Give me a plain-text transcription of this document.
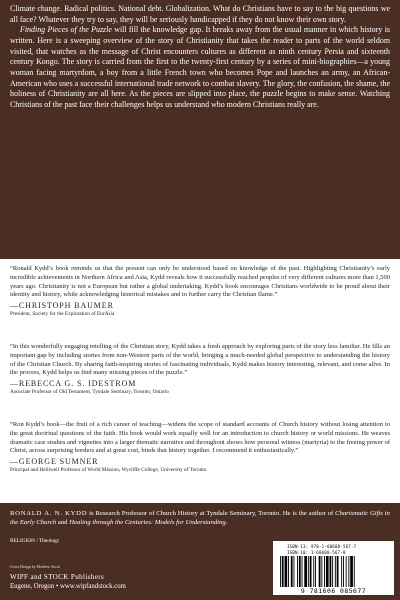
Climate change. Radical politics. National debt. Globalization. What do Christians have to say to the big questions we all face? Whatever they try to say, they will be seriously handicapped if they do not know their own story.

Finding Pieces of the Puzzle will fill the knowledge gap. It breaks away from the usual manner in which history is written. Here is a sweeping overview of the story of Christianity that takes the reader to parts of the world seldom visited, that watches as the message of Christ encounters cultures as different as ninth century Persia and sixteenth century Kongo. The story is carried from the first to the twenty-first century by a series of mini-biographies—a young woman facing martyrdom, a boy from a little French town who becomes Pope and launches an army, an African-American who uses a successful international trade network to combat slavery. The glory, the confusion, the shame, the holiness of Christianity are all here. As the pieces are slipped into place, the puzzle begins to make sense. Watching Christians of the past face their challenges helps us understand who modern Christians really are.

“Ronald Kydd’s book reminds us that the present can only be understood based on knowledge of the past. Highlighting Christianity’s early incredible achievements in Northern Africa and Asia, Kydd reveals how it successfully reached peoples of very different cultures more than 1,500 years ago. Christianity is not a European but rather a global undertaking. Kydd’s book encourages Christians worldwide to be proud about their identity and history, while acknowledging historical mistakes and to further carry the Christian flame.”

—CHRISTOPH BAUMER

President, Society for the Exploration of EurAsia

“In this wonderfully engaging retelling of the Christian story, Kydd takes a fresh approach by exploring parts of the story less familiar. He fills an important gap by including stories from non-Western parts of the world, bringing a much-needed global perspective to understanding the history of the Christian Church. By sharing faith-inspiring stories of fascinating individuals, Kydd makes history interesting, relevant, and come alive. In the process, Kydd helps us find many missing pieces of the puzzle.”

—REBECCA G. S. IDESTROM

Associate Professor of Old Testament, Tyndale Seminary, Toronto, Ontario

“Ron Kydd’s book—the fruit of a rich career of teaching—widens the scope of standard accounts of Church history without losing attention to the great doctrinal questions of the faith. His book would work equally well for an introduction to church history or world missions. He weaves dramatic case studies and vignettes into a larger thematic narrative and throughout shows how personal witness (martyria) to the freeing power of Christ, across surprising borders and at great cost, binds that history together. I recommend it enthusiastically.”

—GEORGE SUMNER

Principal and Helliwell Professor of World Mission, Wycliffe College, University of Toronto

RONALD A. N. KYDD is Research Professor of Church History at Tyndale Seminary, Toronto. He is the author of Charismatic Gifts in the Early Church and Healing through the Centuries: Models for Understanding.
RELIGION / Theology
Cover Design by Matthew Stock
WIPF and STOCK Publishers
Eugene, Oregon • www.wipfandstock.com
ISBN-13: 978-1-60608-567-7
ISBN-10: 1-60608-567-0
9 781606 085677
